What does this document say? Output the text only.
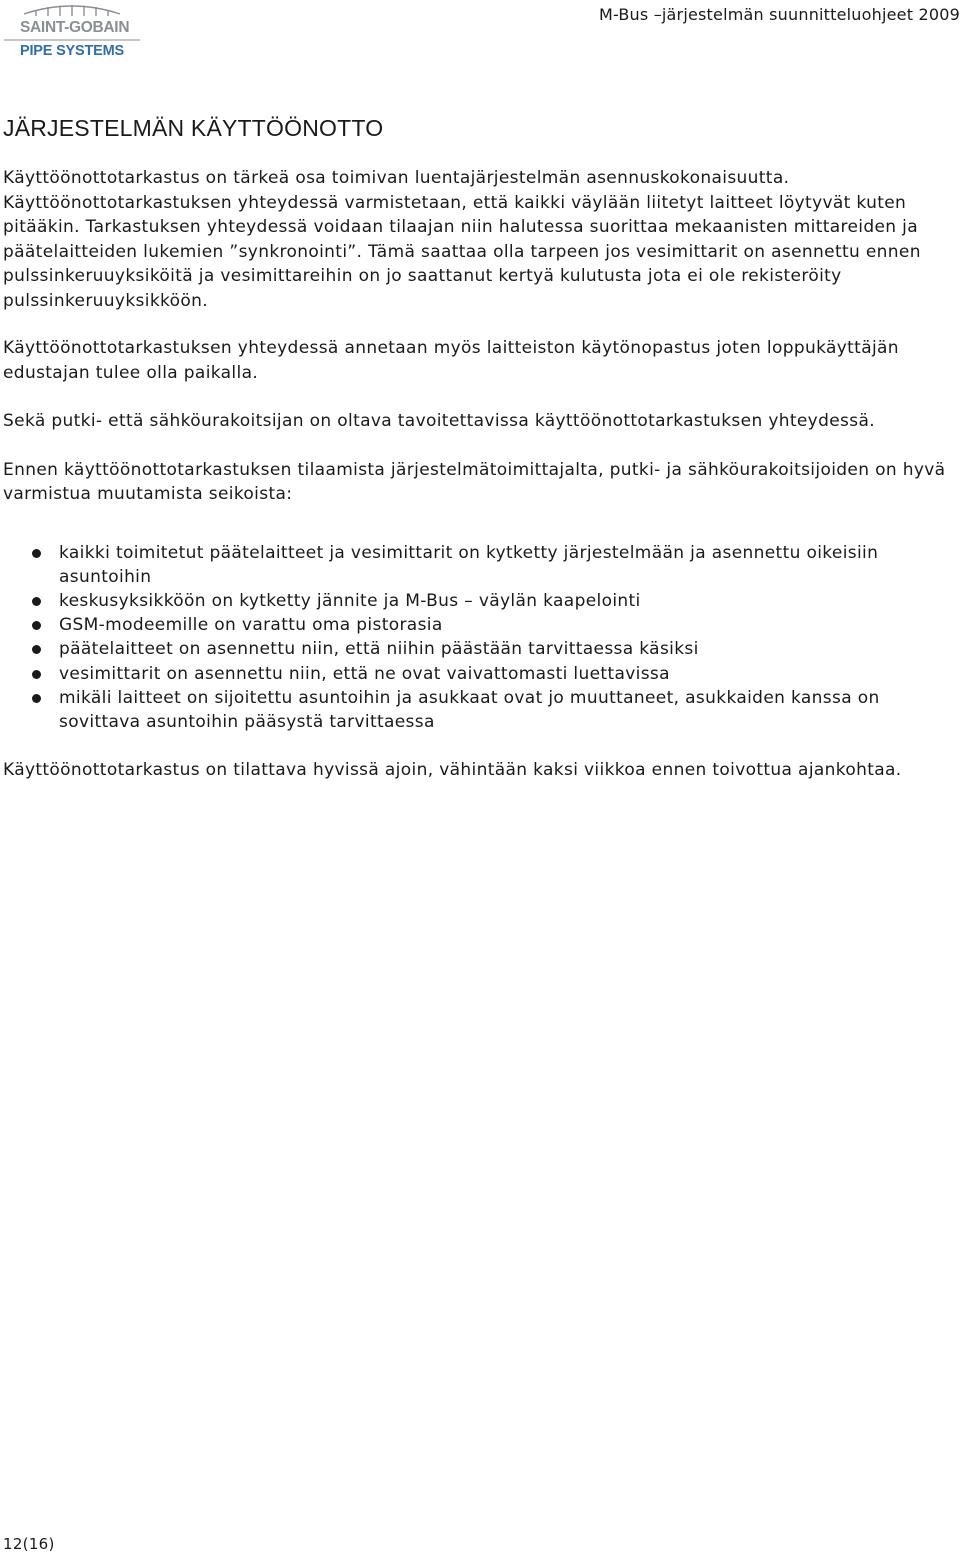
SAINT-GOBAIN
PIPE SYSTEMS
M-Bus –järjestelmän suunnitteluohjeet 2009
JÄRJESTELMÄN KÄYTTÖÖNOTTO

Käyttöönottotarkastus on tärkeä osa toimivan luentajärjestelmän asennuskokonaisuutta. Käyttöönottotarkastuksen yhteydessä varmistetaan, että kaikki väylään liitetyt laitteet löytyvät kuten pitääkin. Tarkastuksen yhteydessä voidaan tilaajan niin halutessa suorittaa mekaanisten mittareiden ja päätelaitteiden lukemien ”synkronointi”. Tämä saattaa olla tarpeen jos vesimittarit on asennettu ennen pulssinkeruuyksiköitä ja vesimittareihin on jo saattanut kertyä kulutusta jota ei ole rekisteröity pulssinkeruuyksikköön.

Käyttöönottotarkastuksen yhteydessä annetaan myös laitteiston käytönopastus joten loppukäyttäjän edustajan tulee olla paikalla.

Sekä putki- että sähköurakoitsijan on oltava tavoitettavissa käyttöönottotarkastuksen yhteydessä.

Ennen käyttöönottotarkastuksen tilaamista järjestelmätoimittajalta, putki- ja sähköurakoitsijoiden on hyvä varmistua muutamista seikoista:

kaikki toimitetut päätelaitteet ja vesimittarit on kytketty järjestelmään ja asennettu oikeisiin asuntoihin
keskusyksikköön on kytketty jännite ja M-Bus – väylän kaapelointi
GSM-modeemille on varattu oma pistorasia
päätelaitteet on asennettu niin, että niihin päästään tarvittaessa käsiksi
vesimittarit on asennettu niin, että ne ovat vaivattomasti luettavissa
mikäli laitteet on sijoitettu asuntoihin ja asukkaat ovat jo muuttaneet, asukkaiden kanssa on sovittava asuntoihin pääsystä tarvittaessa

Käyttöönottotarkastus on tilattava hyvissä ajoin, vähintään kaksi viikkoa ennen toivottua ajankohtaa.

12(16)
